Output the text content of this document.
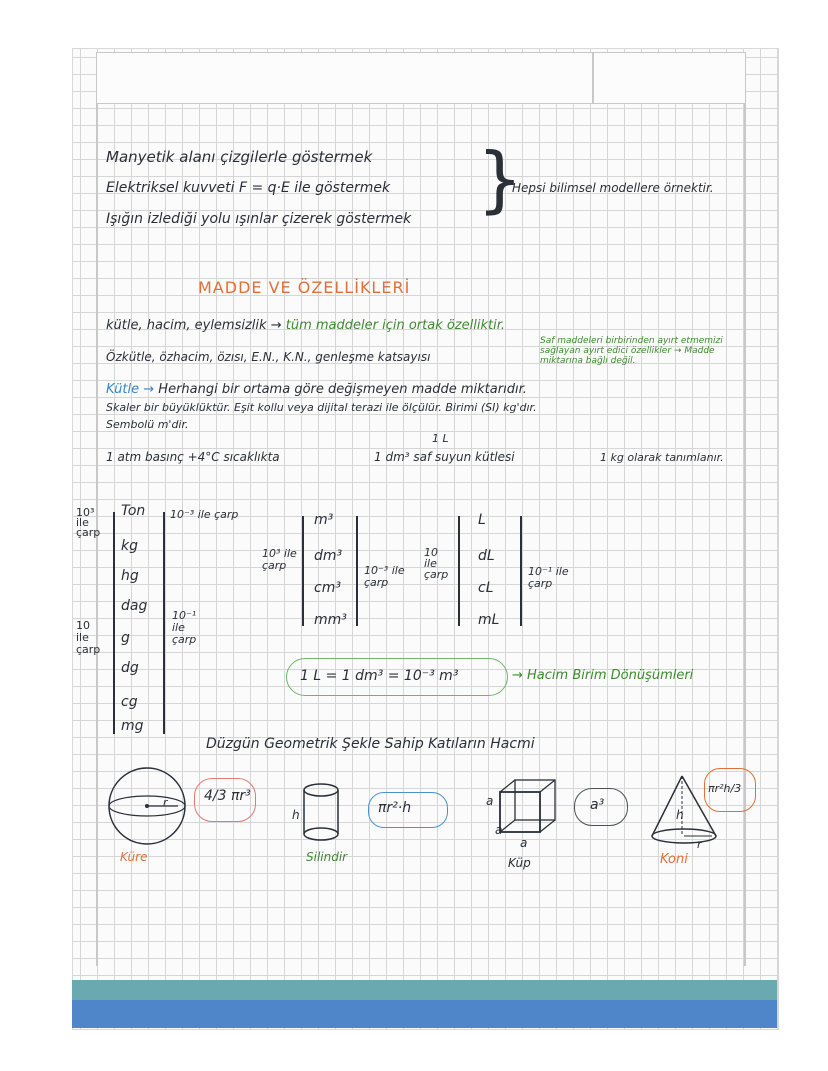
Manyetik alanı çizgilerle göstermek
Elektriksel kuvveti F = q·E ile göstermek
Işığın izlediği yolu ışınlar çizerek göstermek }
Hepsi bilimsel modellere örnektir.
MADDE VE ÖZELLİKLERİ
kütle, hacim, eylemsizlik → tüm maddeler için ortak özelliktir.
Özkütle, özhacim, özısı, E.N., K.N., genleşme katsayısı
Saf maddeleri birbirinden ayırt etmemizi sağlayan ayırt edici özellikler → Madde miktarına bağlı değil.
Kütle → Herhangi bir ortama göre değişmeyen madde miktarıdır.
Skaler bir büyüklüktür. Eşit kollu veya dijital terazi ile ölçülür. Birimi (SI) kg'dır.
Sembolü m'dir.
1 L
1 atm basınç +4°C sıcaklıkta	1 dm³ saf suyun kütlesi	1 kg olarak tanımlanır.
10³ ile çarp
10⁻³ ile çarp
10 ile çarp
10⁻¹ ile çarp
Ton
kg
hg
dag
g
dg
cg
mg
10³ ile çarp
m³
dm³
cm³
mm³
10⁻³ ile çarp
10 ile çarp
L
dL
cL
mL
10⁻¹ ile çarp
1 L = 1 dm³ = 10⁻³ m³	→ Hacim Birim Dönüşümleri
Düzgün Geometrik Şekle Sahip Katıların Hacmi
r
h
a
a
a
h
r
4/3 πr³
πr²·h	a³
πr²h/3
Küre	Silindir	Küp	Koni
